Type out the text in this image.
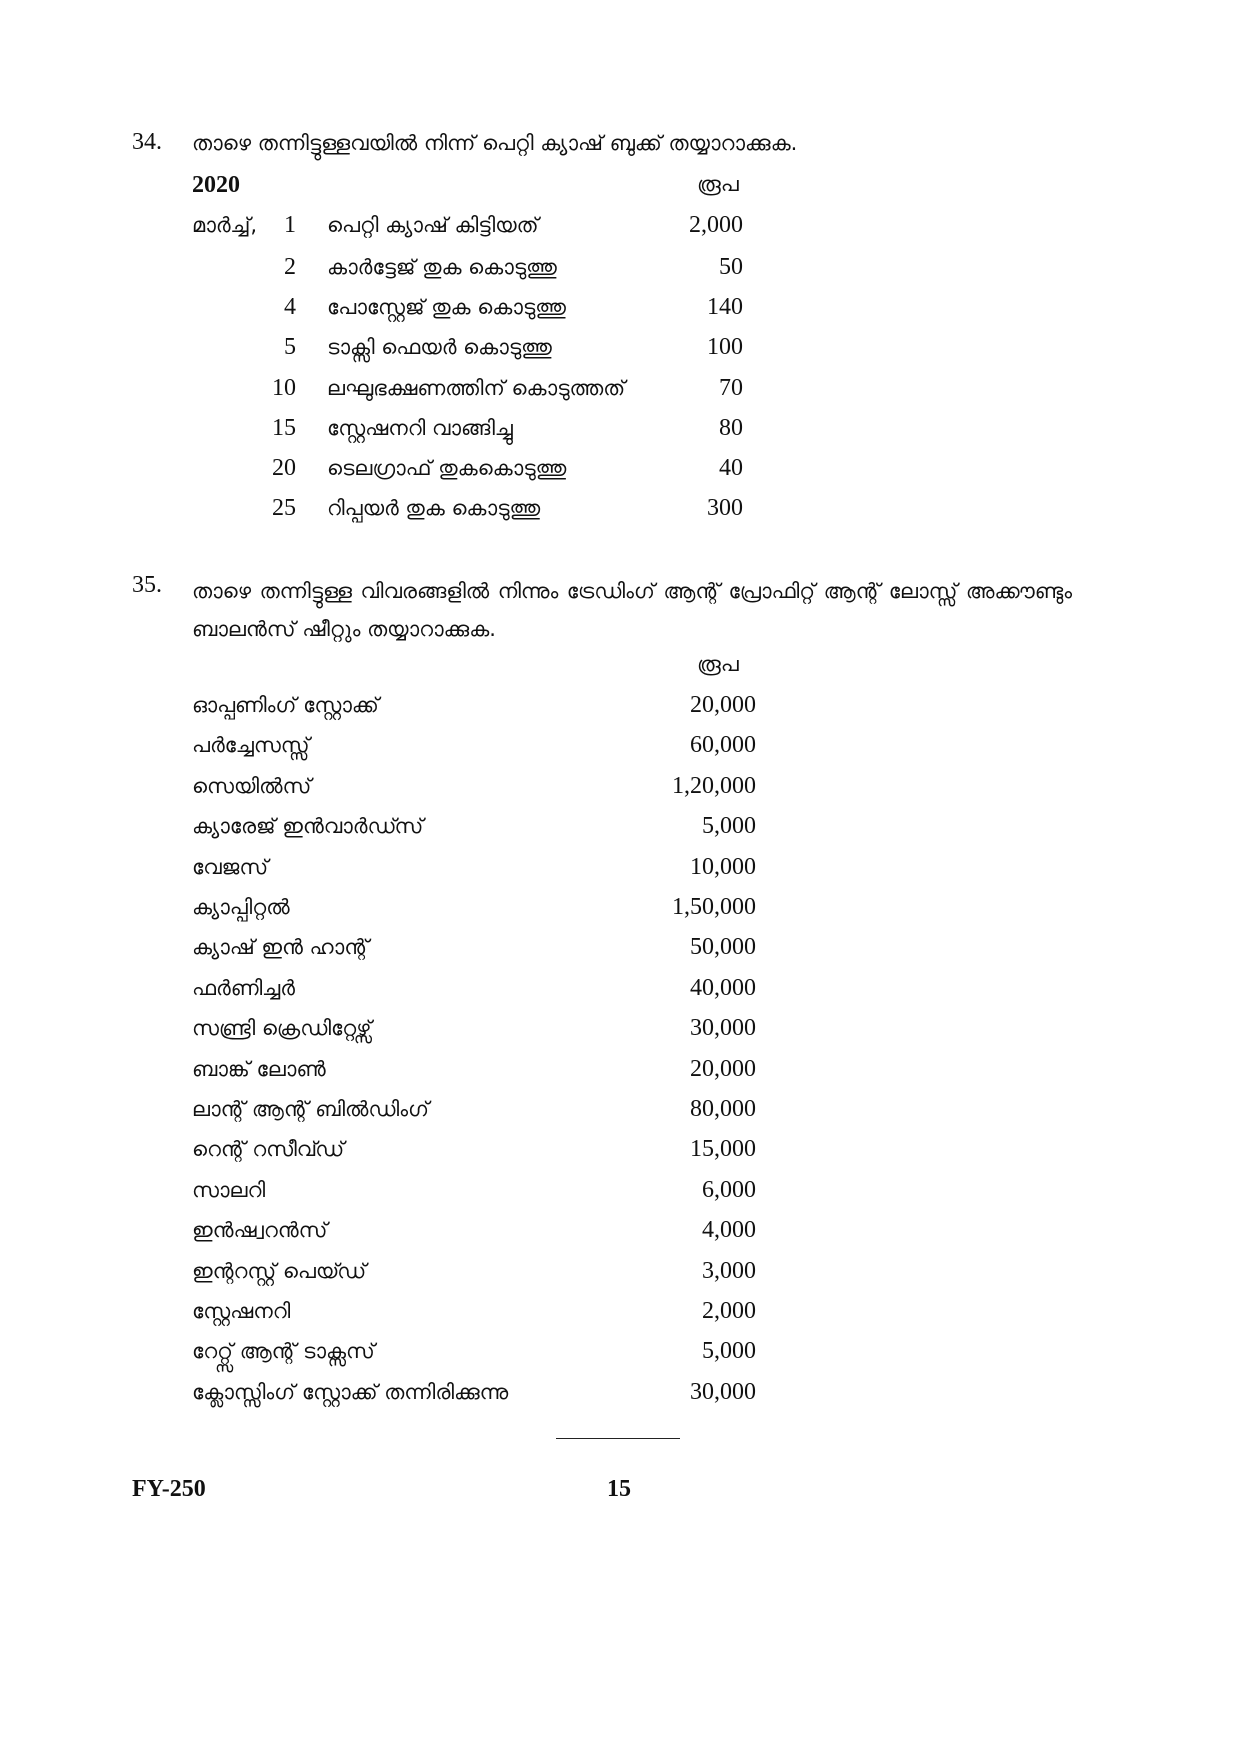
34. താഴെ തന്നിട്ടുള്ളവയിൽ നിന്ന് പെറ്റി ക്യാഷ് ബുക്ക് തയ്യാറാക്കുക.
2020	രൂപ
മാർച്ച്,	1 പെറ്റി ക്യാഷ് കിട്ടിയത്	2,000
2 കാർട്ടേജ് തുക കൊടുത്തു	50
4 പോസ്റ്റേജ് തുക കൊടുത്തു	140
5 ടാക്സി ഫെയർ കൊടുത്തു	100
10 ലഘുഭക്ഷണത്തിന് കൊടുത്തത്	70
15 സ്റ്റേഷനറി വാങ്ങിച്ചു	80
20 ടെലഗ്രാഫ് തുകകൊടുത്തു	40
25 റിപ്പയർ തുക കൊടുത്തു	300
35. താഴെ തന്നിട്ടുള്ള വിവരങ്ങളിൽ നിന്നും ട്രേഡിംഗ് ആന്റ് പ്രോഫിറ്റ് ആന്റ് ലോസ്സ് അക്കൗണ്ടും ബാലൻസ് ഷീറ്റും തയ്യാറാക്കുക.
രൂപ
ഓപ്പണിംഗ് സ്റ്റോക്ക്	20,000
പർച്ചേസസ്സ്	60,000
സെയിൽസ്	1,20,000
ക്യാരേജ് ഇൻവാർഡ്സ്	5,000
വേജസ്	10,000
ക്യാപ്പിറ്റൽ	1,50,000
ക്യാഷ് ഇൻ ഹാന്റ്	50,000
ഫർണിച്ചർ	40,000
സണ്ട്രി ക്രെഡിറ്റേഴ്സ്	30,000
ബാങ്ക് ലോൺ	20,000
ലാന്റ് ആന്റ് ബിൽഡിംഗ്	80,000
റെന്റ് റസീവ്ഡ്	15,000
സാലറി	6,000
ഇൻഷ്വറൻസ്	4,000
ഇന്ററസ്റ്റ് പെയ്ഡ്	3,000
സ്റ്റേഷനറി	2,000
റേറ്റ്സ് ആന്റ് ടാക്സസ്	5,000
ക്ലോസ്സിംഗ് സ്റ്റോക്ക് തന്നിരിക്കുന്നു	30,000
FY-250	15
